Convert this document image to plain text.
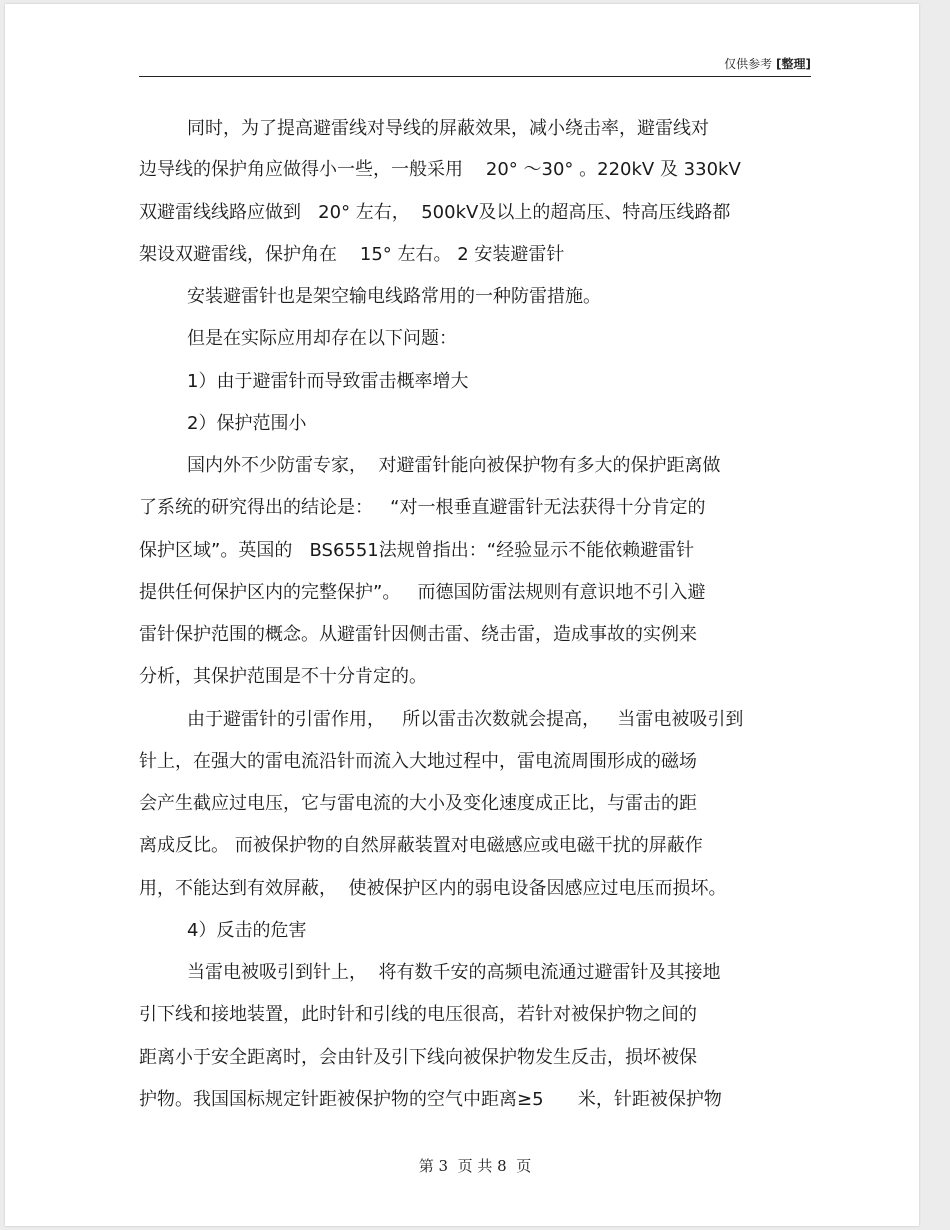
仅供参考 [整理]
同时，为了提高避雷线对导线的屏蔽效果，减小绕击率，避雷线对
边导线的保护角应做得小一些，一般采用    20° ～30° 。220kV 及 330kV
双避雷线线路应做到   20° 左右，  500kV及以上的超高压、特高压线路都
架设双避雷线，保护角在    15° 左右。 2 安装避雷针
安装避雷针也是架空输电线路常用的一种防雷措施。
但是在实际应用却存在以下问题：
1）由于避雷针而导致雷击概率增大
2）保护范围小
国内外不少防雷专家，  对避雷针能向被保护物有多大的保护距离做
了系统的研究得出的结论是：   “对一根垂直避雷针无法获得十分肯定的
保护区域”。英国的   BS6551法规曾指出：“经验显示不能依赖避雷针
提供任何保护区内的完整保护”。   而德国防雷法规则有意识地不引入避
雷针保护范围的概念。从避雷针因侧击雷、绕击雷，造成事故的实例来
分析，其保护范围是不十分肯定的。
由于避雷针的引雷作用，   所以雷击次数就会提高，   当雷电被吸引到
针上，在强大的雷电流沿针而流入大地过程中，雷电流周围形成的磁场
会产生截应过电压，它与雷电流的大小及变化速度成正比，与雷击的距
离成反比。 而被保护物的自然屏蔽装置对电磁感应或电磁干扰的屏蔽作
用，不能达到有效屏蔽，  使被保护区内的弱电设备因感应过电压而损坏。
4）反击的危害
当雷电被吸引到针上，  将有数千安的高频电流通过避雷针及其接地
引下线和接地装置，此时针和引线的电压很高，若针对被保护物之间的
距离小于安全距离时，会由针及引下线向被保护物发生反击，损坏被保
护物。我国国标规定针距被保护物的空气中距离≥5      米，针距被保护物
第 3  页 共 8  页
